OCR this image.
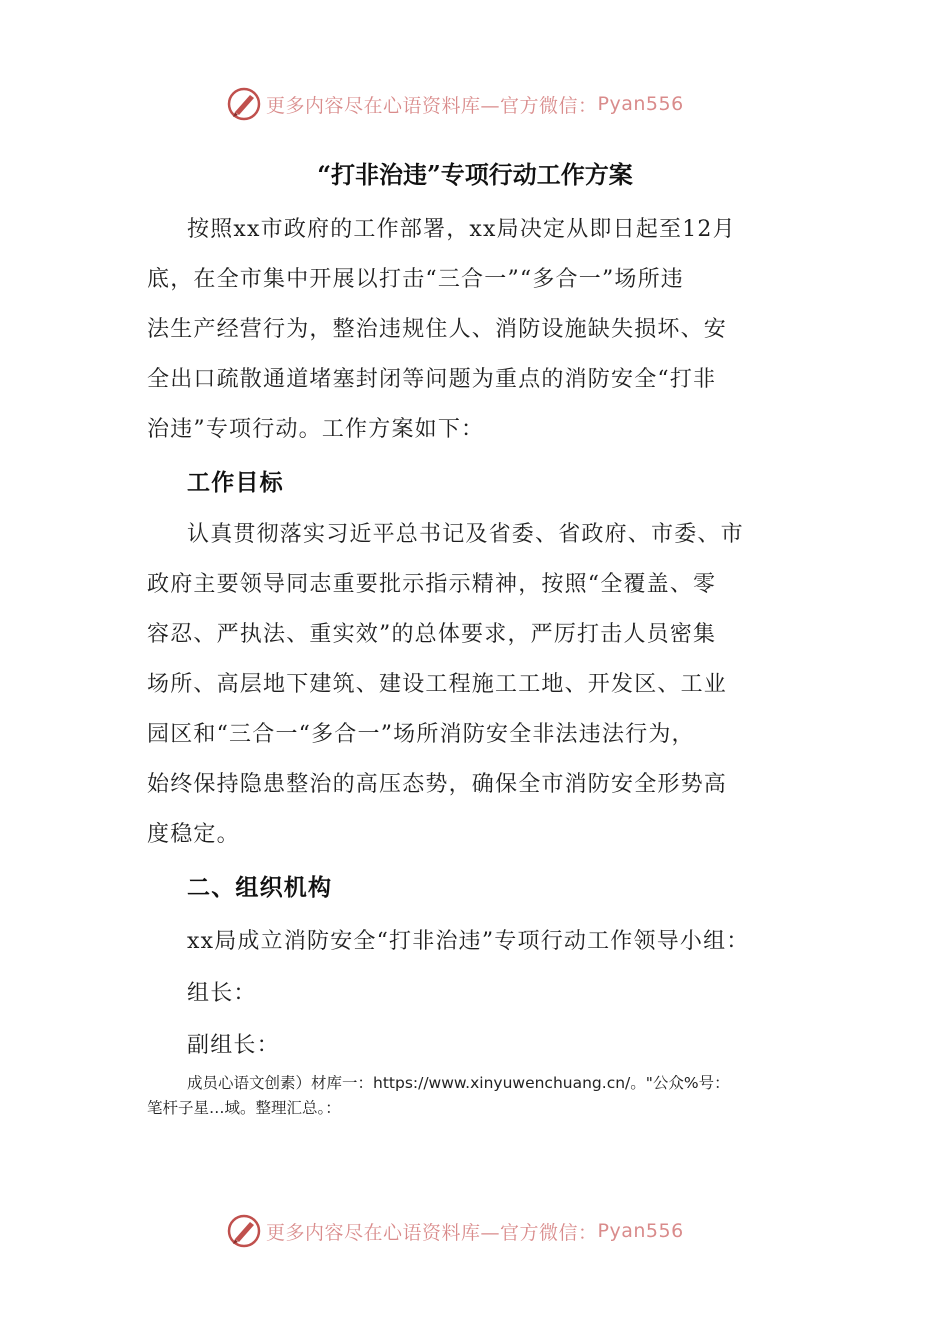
更多内容尽在心语资料库—官方微信： Pyan556
“打非治违”专项行动工作方案
按照xx市政府的工作部署，xx局决定从即日起至12月
底，在全市集中开展以打击“三合一”“多合一”场所违
法生产经营行为，整治违规住人、消防设施缺失损坏、安
全出口疏散通道堵塞封闭等问题为重点的消防安全“打非
治违”专项行动。工作方案如下：
工作目标
认真贯彻落实习近平总书记及省委、省政府、市委、市
政府主要领导同志重要批示指示精神，按照“全覆盖、零
容忍、严执法、重实效”的总体要求，严厉打击人员密集
场所、高层地下建筑、建设工程施工工地、开发区、工业
园区和“三合一“多合一”场所消防安全非法违法行为，
始终保持隐患整治的高压态势，确保全市消防安全形势高
度稳定。
二、组织机构
xx局成立消防安全“打非治违”专项行动工作领导小组：
组长：
副组长：
成员心语文创素）材库一：https://www.xinyuwenchuang.cn/。"公众%号：
笔杆子星…域。整理汇总。：
更多内容尽在心语资料库—官方微信： Pyan556
